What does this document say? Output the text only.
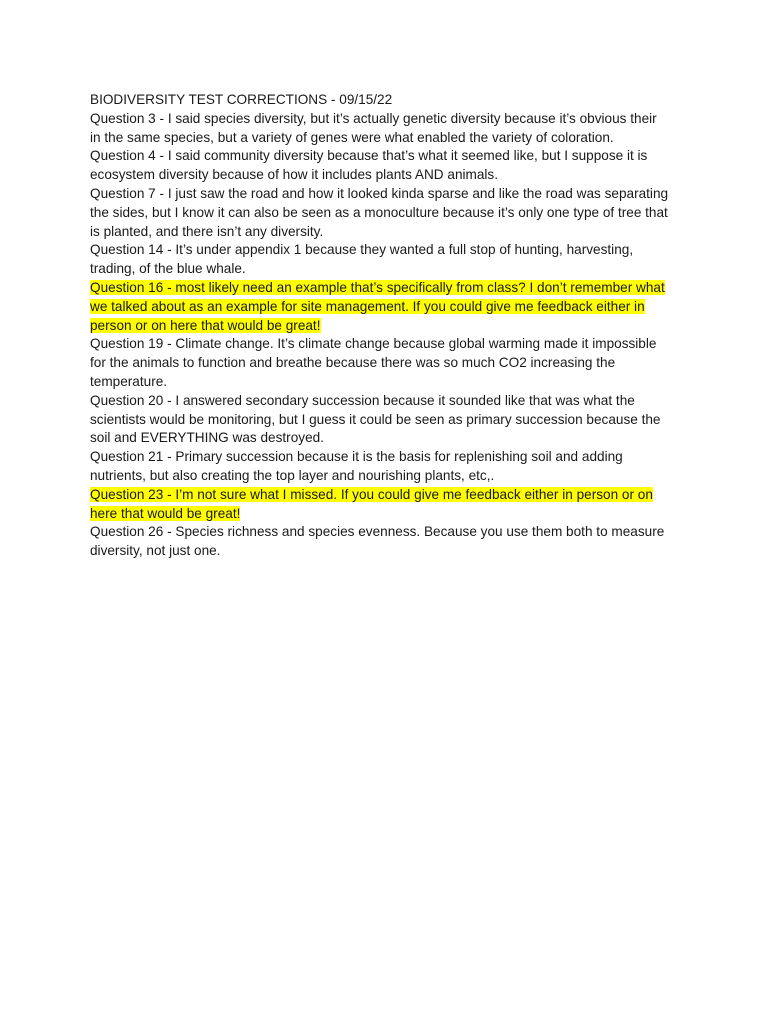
BIODIVERSITY TEST CORRECTIONS - 09/15/22
Question 3 - I said species diversity, but it’s actually genetic diversity because it’s obvious their
in the same species, but a variety of genes were what enabled the variety of coloration.
Question 4 - I said community diversity because that’s what it seemed like, but I suppose it is
ecosystem diversity because of how it includes plants AND animals.
Question 7 - I just saw the road and how it looked kinda sparse and like the road was separating
the sides, but I know it can also be seen as a monoculture because it’s only one type of tree that
is planted, and there isn’t any diversity.
Question 14 - It’s under appendix 1 because they wanted a full stop of hunting, harvesting,
trading, of the blue whale.
Question 16 - most likely need an example that’s specifically from class? I don’t remember what
we talked about as an example for site management. If you could give me feedback either in
person or on here that would be great!
Question 19 - Climate change. It’s climate change because global warming made it impossible
for the animals to function and breathe because there was so much CO2 increasing the
temperature.
Question 20 - I answered secondary succession because it sounded like that was what the
scientists would be monitoring, but I guess it could be seen as primary succession because the
soil and EVERYTHING was destroyed.
Question 21 - Primary succession because it is the basis for replenishing soil and adding
nutrients, but also creating the top layer and nourishing plants, etc,.
Question 23 - I’m not sure what I missed. If you could give me feedback either in person or on
here that would be great!
Question 26 - Species richness and species evenness. Because you use them both to measure
diversity, not just one.
